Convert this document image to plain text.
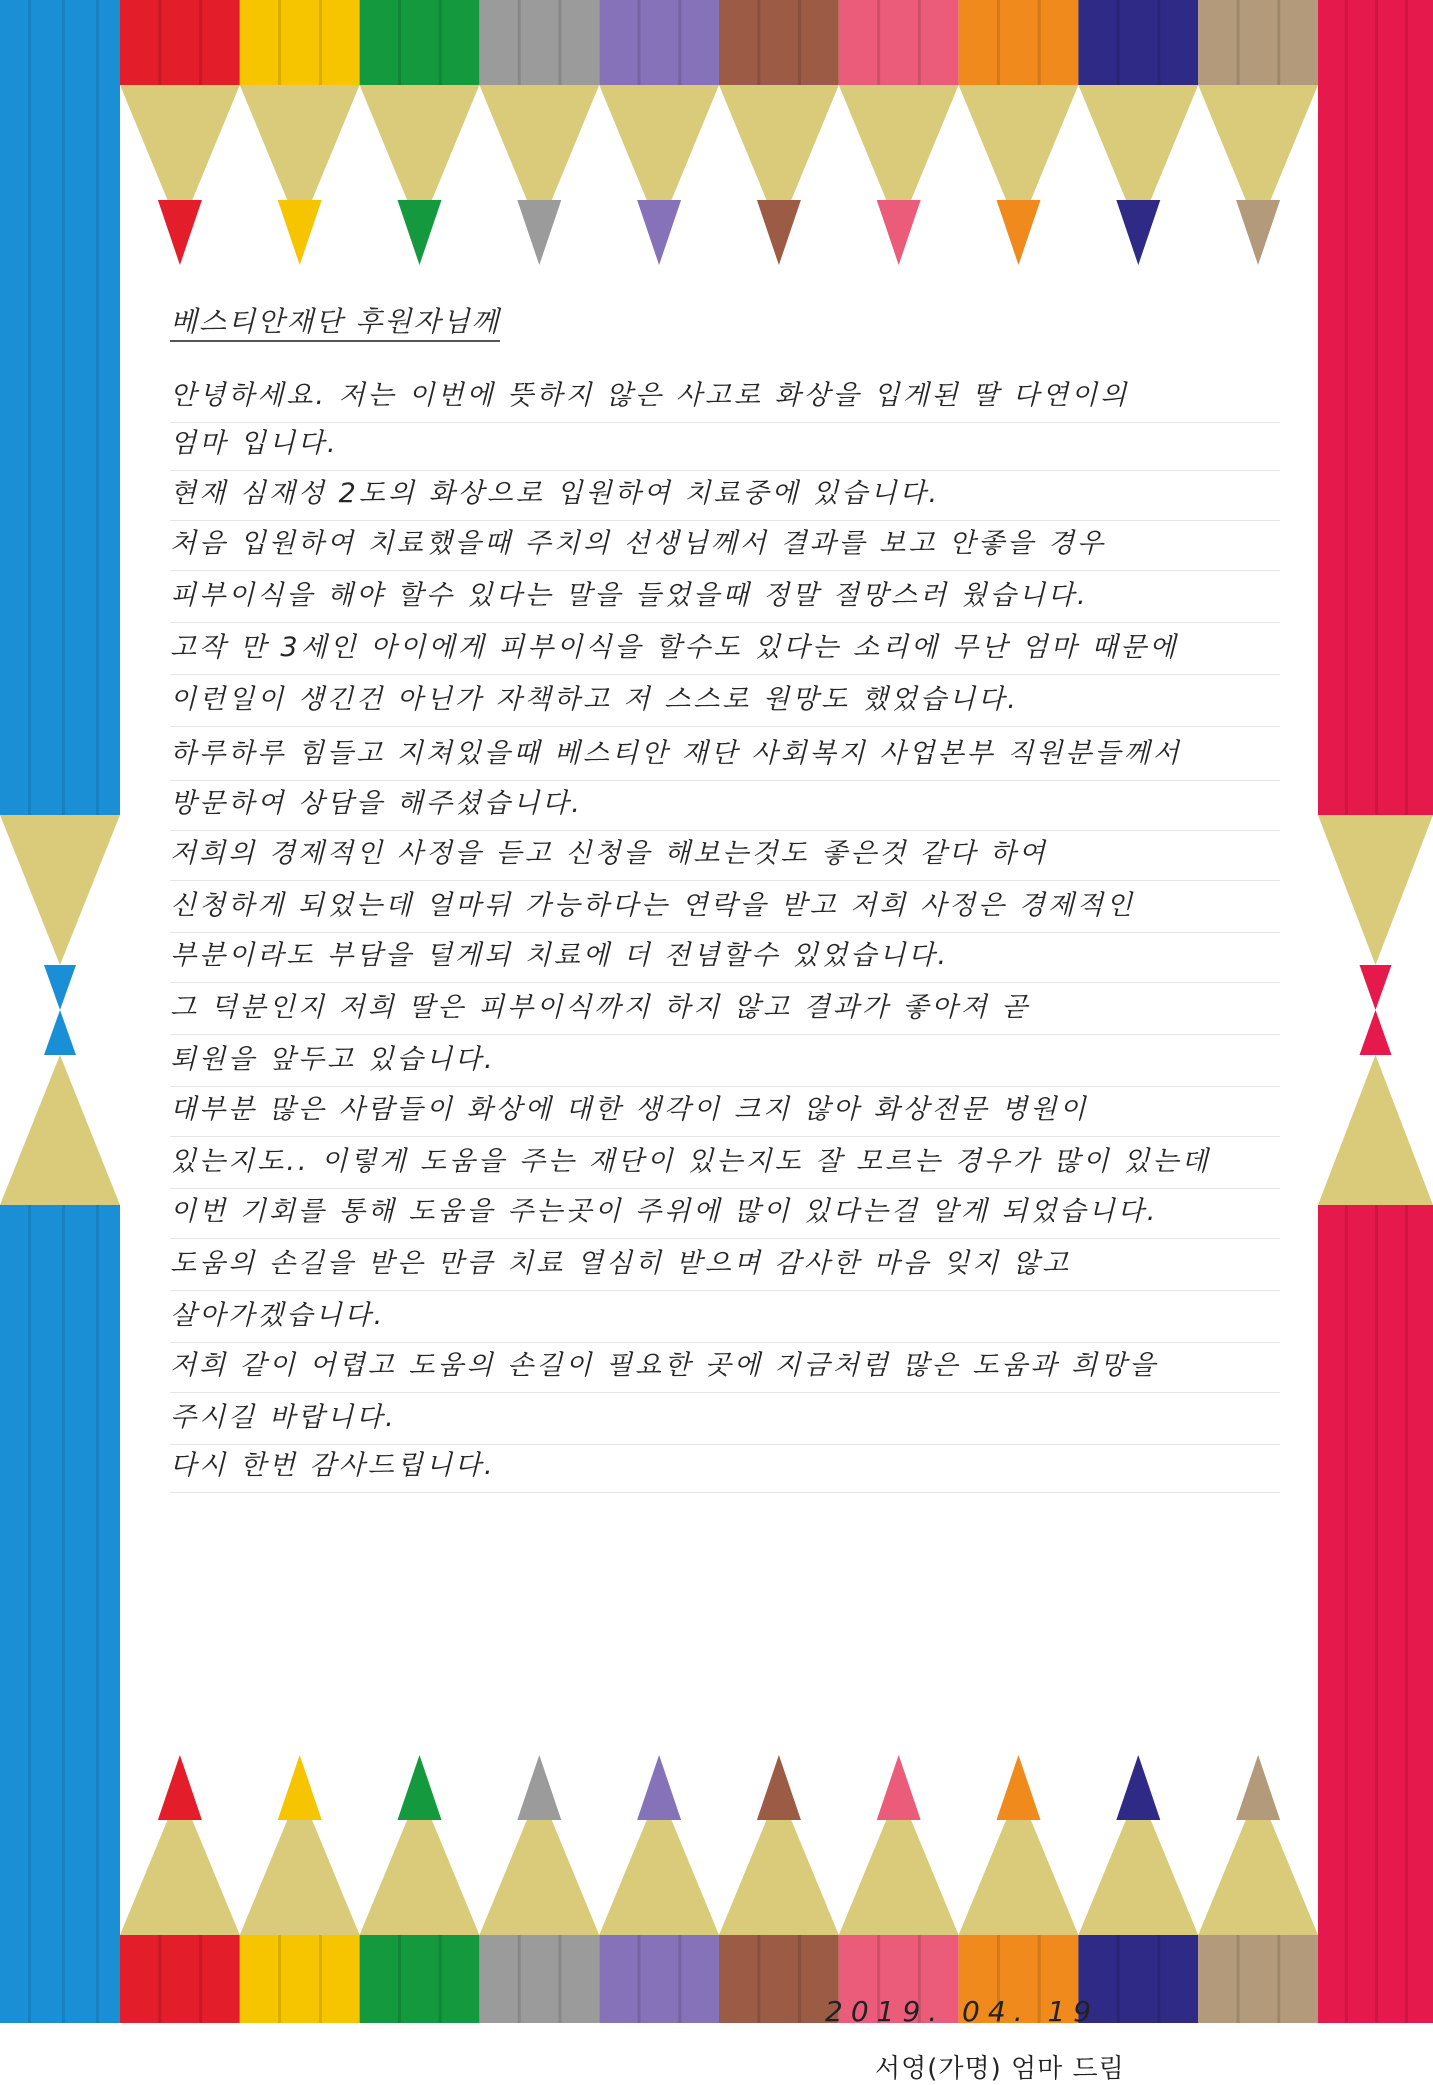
베스티안재단 후원자님께
안녕하세요. 저는 이번에 뜻하지 않은 사고로 화상을 입게된 딸 다연이의
엄마 입니다.
현재 심재성 2도의 화상으로 입원하여 치료중에 있습니다.
처음 입원하여 치료했을때 주치의 선생님께서 결과를 보고 안좋을 경우
피부이식을 해야 할수 있다는 말을 들었을때 정말 절망스러 웠습니다.
고작 만 3세인 아이에게 피부이식을 할수도 있다는 소리에 무난 엄마 때문에
이런일이 생긴건 아닌가 자책하고 저 스스로 원망도 했었습니다.
하루하루 힘들고 지쳐있을때 베스티안 재단 사회복지 사업본부 직원분들께서
방문하여 상담을 해주셨습니다.
저희의 경제적인 사정을 듣고 신청을 해보는것도 좋은것 같다 하여
신청하게 되었는데 얼마뒤 가능하다는 연락을 받고 저희 사정은 경제적인
부분이라도 부담을 덜게되 치료에 더 전념할수 있었습니다.
그 덕분인지 저희 딸은 피부이식까지 하지 않고 결과가 좋아져 곧
퇴원을 앞두고 있습니다.
대부분 많은 사람들이 화상에 대한 생각이 크지 않아 화상전문 병원이
있는지도.. 이렇게 도움을 주는 재단이 있는지도 잘 모르는 경우가 많이 있는데
이번 기회를 통해 도움을 주는곳이 주위에 많이 있다는걸 알게 되었습니다.
도움의 손길을 받은 만큼 치료 열심히 받으며 감사한 마음 잊지 않고
살아가겠습니다.
저희 같이 어렵고 도움의 손길이 필요한 곳에 지금처럼 많은 도움과 희망을
주시길 바랍니다.
다시 한번 감사드립니다.
2019. 04. 19
서영(가명) 엄마 드림
